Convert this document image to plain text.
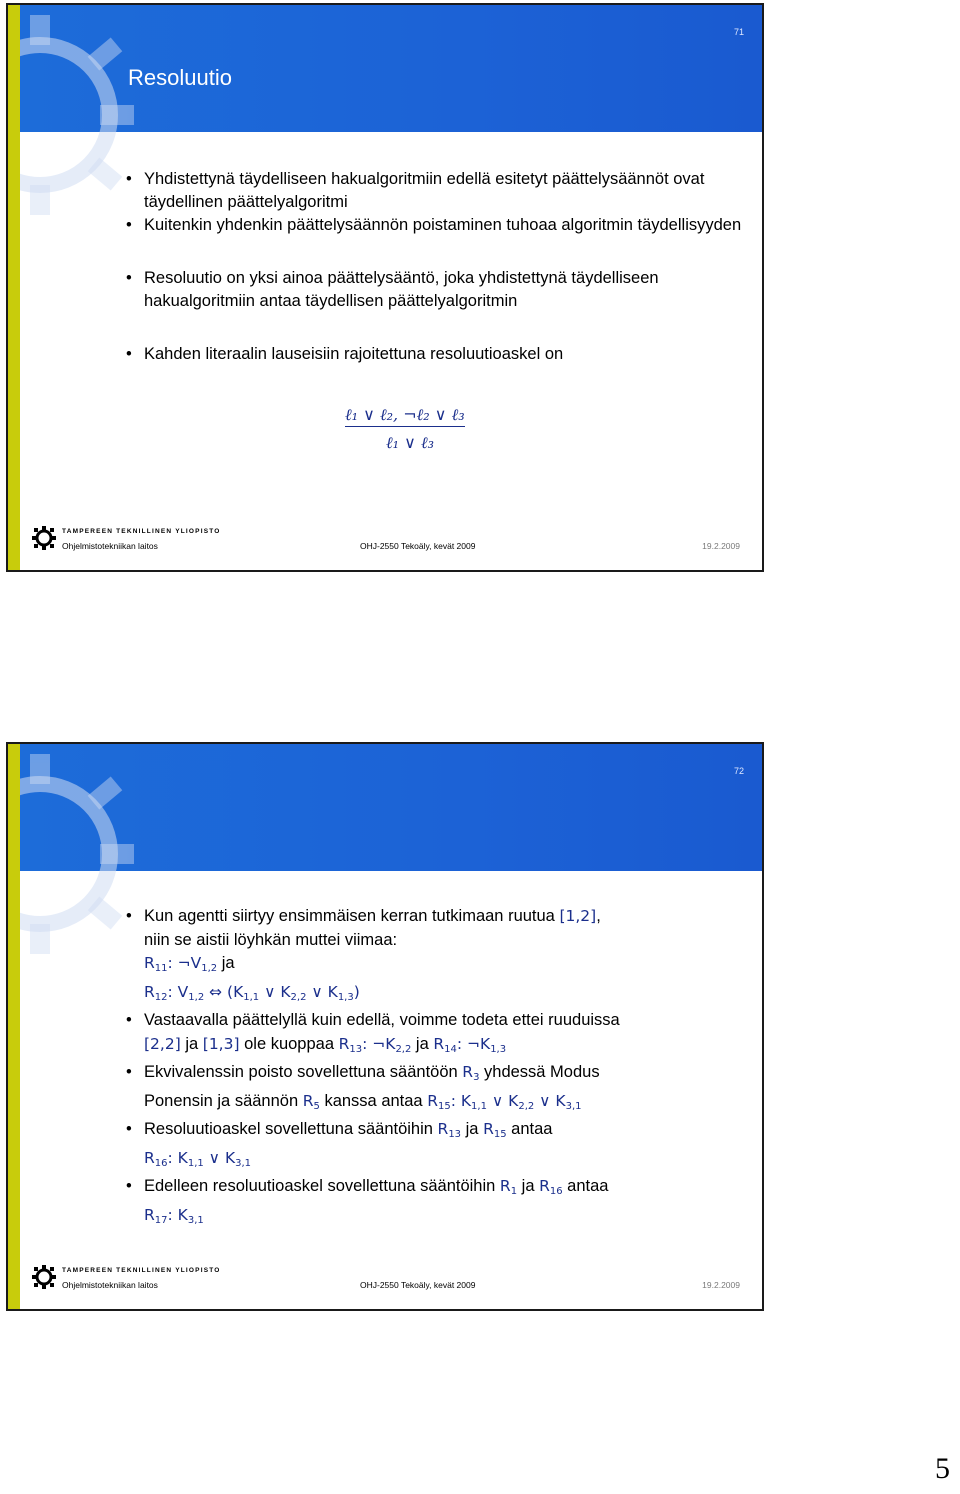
71
Resoluutio

• Yhdistettynä täydelliseen hakualgoritmiin edellä esitetyt päättelysäännöt ovat täydellinen päättelyalgoritmi

• Kuitenkin yhdenkin päättelysäännön poistaminen tuhoaa algoritmin täydellisyyden

• Resoluutio on yksi ainoa päättelysääntö, joka yhdistettynä täydelliseen hakualgoritmiin antaa täydellisen päättelyalgoritmin

• Kahden literaalin lauseisiin rajoitettuna resoluutioaskel on

ℓ₁ ∨ ℓ₂, ¬ℓ₂ ∨ ℓ₃
ℓ₁ ∨ ℓ₃
TAMPEREEN TEKNILLINEN YLIOPISTO
Ohjelmistotekniikan laitos	OHJ-2550 Tekoäly, kevät 2009	19.2.2009
72

• Kun agentti siirtyy ensimmäisen kerran tutkimaan ruutua [1,2],
niin se aistii löyhkän muttei viimaa:
$R_{11}$: $\neg V_{1,2}$ ja
$R_{12}$: $V_{1,2}$ ⇔ ($K_{1,1}$ ∨ $K_{2,2}$ ∨ $K_{1,3}$)

• Vastaavalla päättelyllä kuin edellä, voimme todeta ettei ruuduissa
[2,2] ja [1,3] ole kuoppaa $R_{13}$: $\neg K_{2,2}$ ja $R_{14}$: $\neg K_{1,3}$

• Ekvivalenssin poisto sovellettuna sääntöön $R_3$ yhdessä Modus
Ponensin ja säännön $R_5$ kanssa antaa $R_{15}$: $K_{1,1}$ ∨ $K_{2,2}$ ∨ $K_{3,1}$

• Resoluutioaskel sovellettuna sääntöihin $R_{13}$ ja $R_{15}$ antaa
$R_{16}$: $K_{1,1}$ ∨ $K_{3,1}$

• Edelleen resoluutioaskel sovellettuna sääntöihin $R_1$ ja $R_{16}$ antaa
$R_{17}$: $K_{3,1}$

TAMPEREEN TEKNILLINEN YLIOPISTO
Ohjelmistotekniikan laitos	OHJ-2550 Tekoäly, kevät 2009	19.2.2009
5
